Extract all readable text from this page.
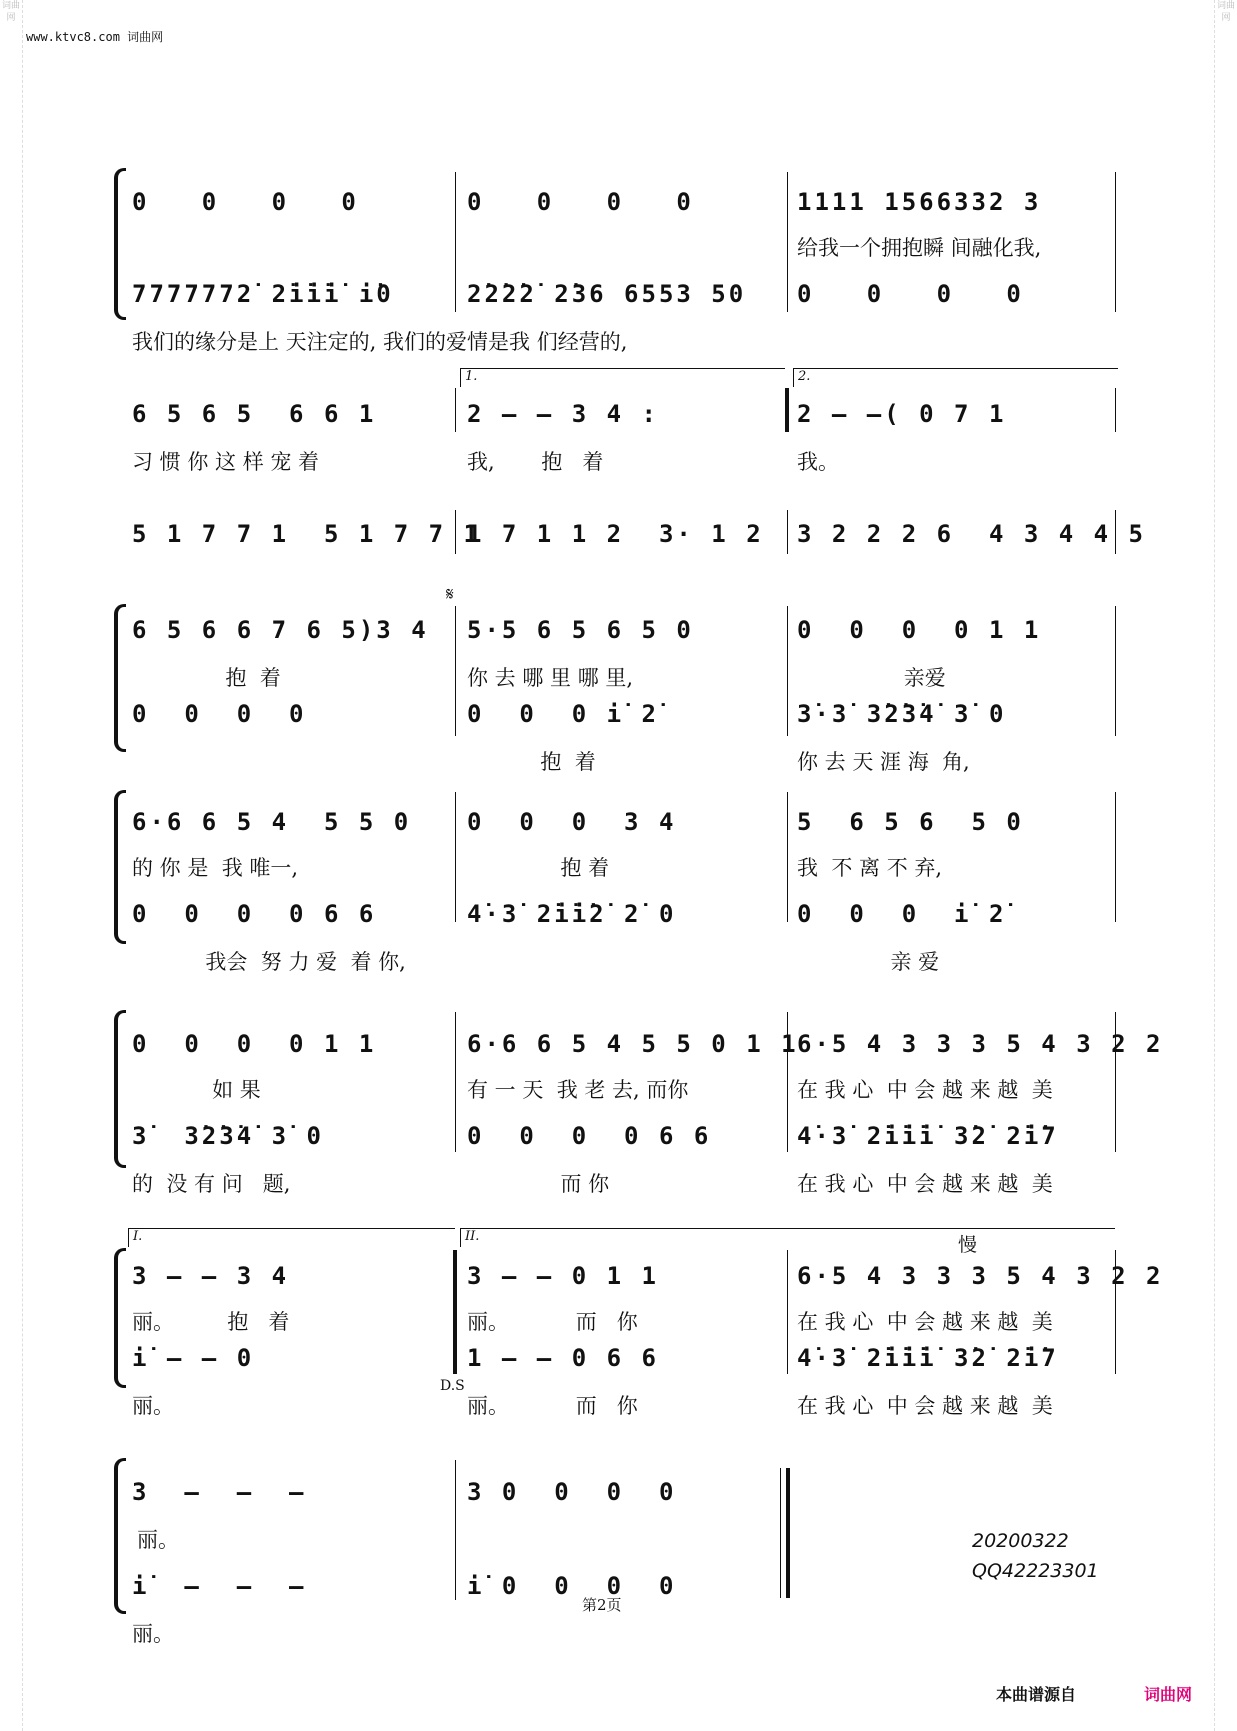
词曲网
词曲网
www.ktvc8.com 词曲网
0   0   0   0	0   0   0   0	1111 1566332 3

给我一个拥抱瞬 间融化我,

7777772̇ 2̇i̇i̇i̇ i̇0	2̇2̇2̇2̇ 2̇36 6553 50 0   0   0   0

我们的缘分是上 天注定的, 我们的爱情是我 们经营的,

1.	2.
6 5 6 5  6 6 1	2 – – 3 4 :	2 – –( 0 7 1

习 惯 你 这 样 宠 着

	我,       抱   着

	我。

5 1 7 7 1  5 1 7 7 1
1 7 1 1 2  3· 1 2 3 2 2 2 6  4 3 4 4 5
𝄋
6 5 6 6 7 6 5)3 4 5·5 6 5 6 5 0	0  0  0  0 1 1

抱  着

	你 去 哪 里 哪 里,

	亲爱

0  0  0  0	0  0  0 i̇ 2̇	3̇·3̇ 3̇2̇3̇4̇ 3̇ 0

抱  着

	你 去 天 涯 海  角,

6·6 6 5 4  5 5 0 0  0  0  3 4	5  6 5 6  5 0

的 你 是  我 唯一,

	抱 着

	我  不 离 不 弃,

0  0  0  0 6 6	4̇·3̇ 2̇i̇i̇2̇ 2̇ 0	0  0  0  i̇ 2̇

我会  努 力 爱  着 你,

	亲 爱

0  0  0  0 1 1	6·6 6 5 4 5 5 0 1 1
6·5 4 3 3 3 5 4 3 2 2

如 果

	有 一 天  我 老 去, 而你

	在 我 心  中 会 越 来 越  美

3̇  3̇2̇3̇4̇ 3̇ 0	0  0  0  0 6 6	4̇·3̇ 2̇i̇i̇i̇ 3̇2̇ 2̇i̇7

的  没 有 问   题,

	而 你

	在 我 心  中 会 越 来 越  美

I.	II.	慢
3 – – 3 4	3 – – 0 1 1	6·5 4 3 3 3 5 4 3 2 2

丽。        抱   着

	丽。          而   你

	在 我 心  中 会 越 来 越  美

i̇ – – 0	1 – – 0 6 6	4̇·3̇ 2̇i̇i̇i̇ 3̇2̇ 2̇i̇7
D.S

丽。

	丽。          而   你

	在 我 心  中 会 越 来 越  美

3  –  –  –	3 0  0  0  0

丽。

i̇  –  –  –	i̇ 0  0  0  0

丽。

20200322
QQ42223301
第2页
本曲谱源自	词曲网
